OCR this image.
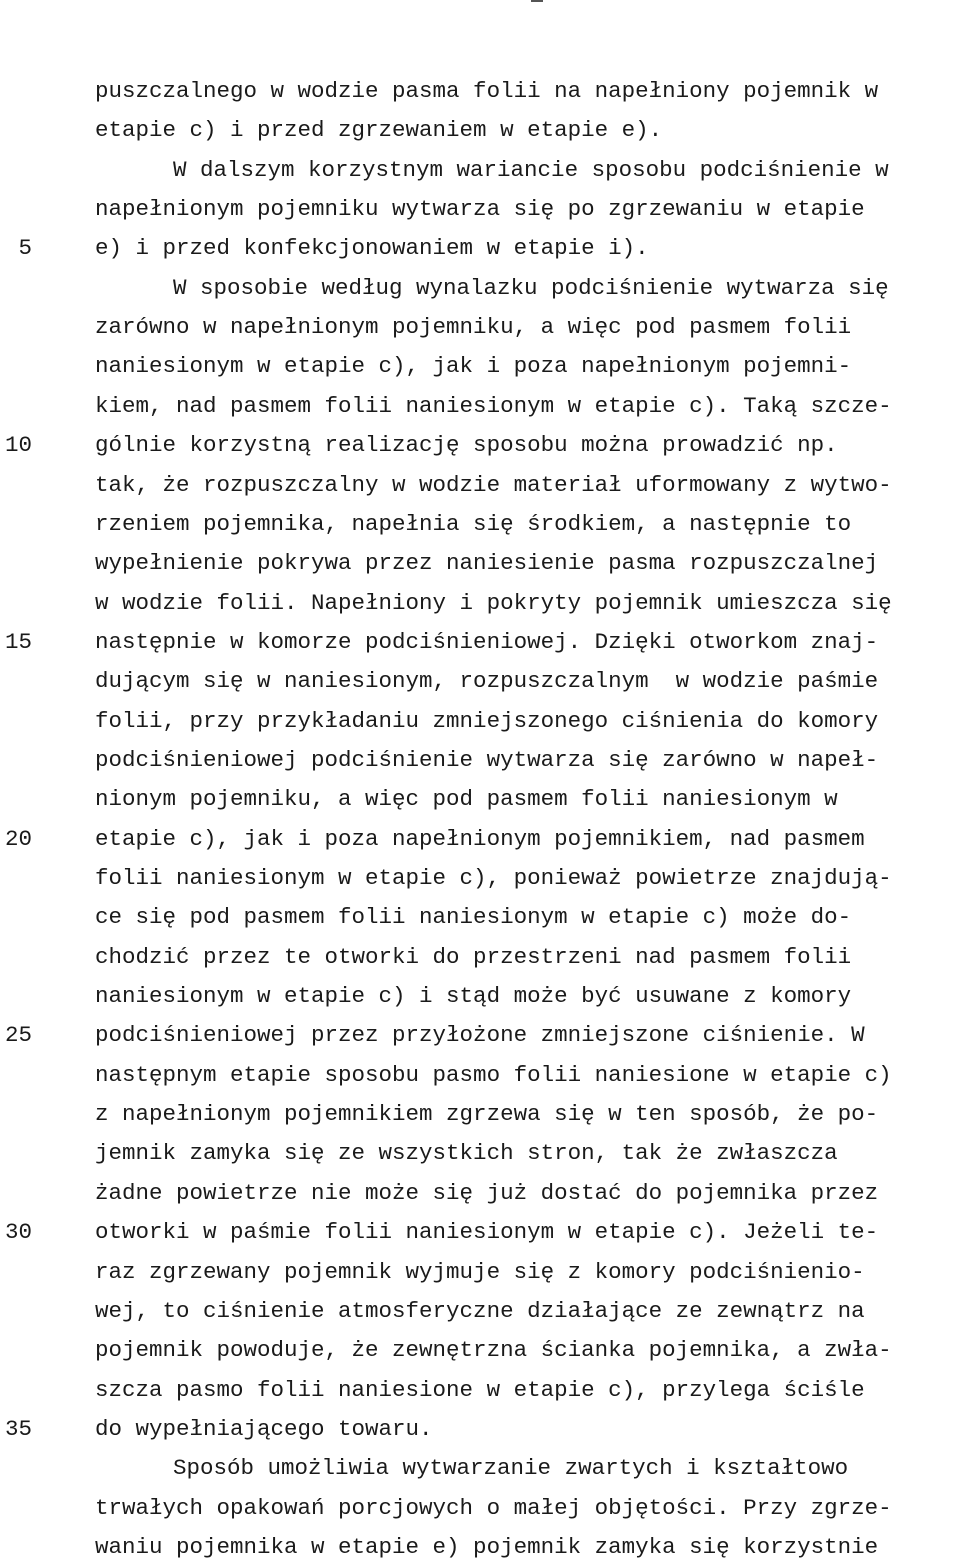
puszczalnego w wodzie pasma folii na napełniony pojemnik w
etapie c) i przed zgrzewaniem w etapie e).
W dalszym korzystnym wariancie sposobu podciśnienie w
napełnionym pojemniku wytwarza się po zgrzewaniu w etapie
e) i przed konfekcjonowaniem w etapie i).
W sposobie według wynalazku podciśnienie wytwarza się
zarówno w napełnionym pojemniku, a więc pod pasmem folii
naniesionym w etapie c), jak i poza napełnionym pojemni-
kiem, nad pasmem folii naniesionym w etapie c). Taką szcze-
gólnie korzystną realizację sposobu można prowadzić np.
tak, że rozpuszczalny w wodzie materiał uformowany z wytwo-
rzeniem pojemnika, napełnia się środkiem, a następnie to
wypełnienie pokrywa przez naniesienie pasma rozpuszczalnej
w wodzie folii. Napełniony i pokryty pojemnik umieszcza się
następnie w komorze podciśnieniowej. Dzięki otworkom znaj-
dującym się w naniesionym, rozpuszczalnym  w wodzie paśmie
folii, przy przykładaniu zmniejszonego ciśnienia do komory
podciśnieniowej podciśnienie wytwarza się zarówno w napeł-
nionym pojemniku, a więc pod pasmem folii naniesionym w
etapie c), jak i poza napełnionym pojemnikiem, nad pasmem
folii naniesionym w etapie c), ponieważ powietrze znajdują-
ce się pod pasmem folii naniesionym w etapie c) może do-
chodzić przez te otworki do przestrzeni nad pasmem folii
naniesionym w etapie c) i stąd może być usuwane z komory
podciśnieniowej przez przyłożone zmniejszone ciśnienie. W
następnym etapie sposobu pasmo folii naniesione w etapie c)
z napełnionym pojemnikiem zgrzewa się w ten sposób, że po-
jemnik zamyka się ze wszystkich stron, tak że zwłaszcza
żadne powietrze nie może się już dostać do pojemnika przez
otworki w paśmie folii naniesionym w etapie c). Jeżeli te-
raz zgrzewany pojemnik wyjmuje się z komory podciśnienio-
wej, to ciśnienie atmosferyczne działające ze zewnątrz na
pojemnik powoduje, że zewnętrzna ścianka pojemnika, a zwła-
szcza pasmo folii naniesione w etapie c), przylega ściśle
do wypełniającego towaru.
Sposób umożliwia wytwarzanie zwartych i kształtowo
trwałych opakowań porcjowych o małej objętości. Przy zgrze-
waniu pojemnika w etapie e) pojemnik zamyka się korzystnie
5
10
15
20
25
30
35
